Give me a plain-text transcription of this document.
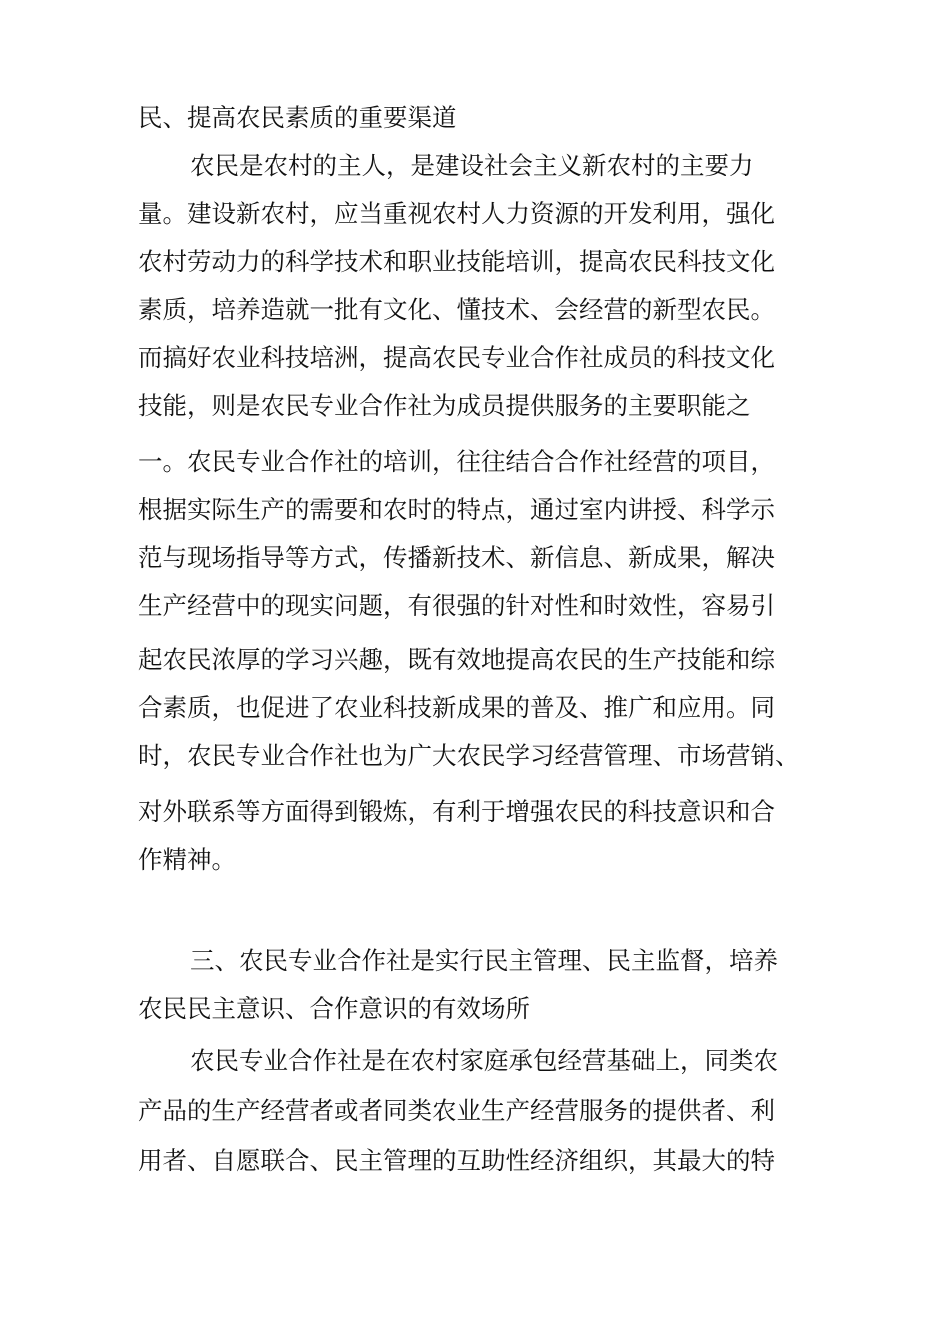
民、提高农民素质的重要渠道
农民是农村的主人，是建设社会主义新农村的主要力
量。建设新农村，应当重视农村人力资源的开发利用，强化
农村劳动力的科学技术和职业技能培训，提高农民科技文化
素质，培养造就一批有文化、懂技术、会经营的新型农民。
而搞好农业科技培洲，提高农民专业合作社成员的科技文化
技能，则是农民专业合作社为成员提供服务的主要职能之
一。农民专业合作社的培训，往往结合合作社经营的项目，
根据实际生产的需要和农时的特点，通过室内讲授、科学示
范与现场指导等方式，传播新技术、新信息、新成果，解决
生产经营中的现实问题，有很强的针对性和时效性，容易引
起农民浓厚的学习兴趣，既有效地提高农民的生产技能和综
合素质，也促进了农业科技新成果的普及、推广和应用。同
时，农民专业合作社也为广大农民学习经营管理、市场营销、
对外联系等方面得到锻炼，有利于增强农民的科技意识和合
作精神。
三、农民专业合作社是实行民主管理、民主监督，培养
农民民主意识、合作意识的有效场所
农民专业合作社是在农村家庭承包经营基础上，同类农
产品的生产经营者或者同类农业生产经营服务的提供者、利
用者、自愿联合、民主管理的互助性经济组织，其最大的特
